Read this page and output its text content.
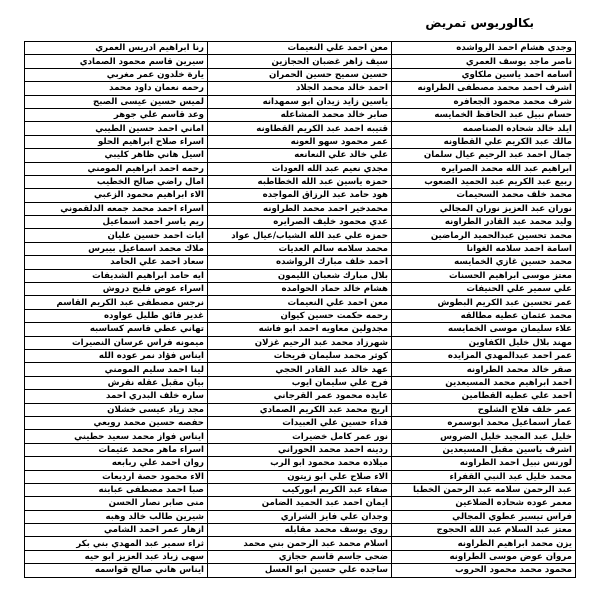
بكالوريوس تمريض
وجدي هشام احمد الرواشده	معن احمد علي النعيمات	رنا ابراهيم ادريس العمري
ناصر ماجد يوسف العمري	سيف زاهر غضبان الحجازين	سيرين قاسم محمود الصمادي
اسامه احمد ياسين ملكاوي	حسين سميح حسين الحمران	يارة خلدون عمر مغربي
اشرف احمد محمد مصطفى الطراونه	احمد خالد محمد الجلاد	رحمه نعمان داود محمد
شرف محمد محمود الجعافره	ياسين زايد زيدان ابو سمهدانه	لميس حسين عيسى الصبح
حسام نبيل عبد الحافظ الخمايسه	صابر خالد محمد المشاعله	وعد قاسم علي جوهر
ايلد خالد شحاده الصناصمه	قتيبه احمد عبد الكريم القطاونه	اماني احمد حسين الطيبي
مالك عبد الكريم علي القطاونه	عمر محمود سهو العونه	اسراء صلاح ابراهيم الحلو
جمال احمد عبد الرحيم عيال سلمان	علي خالد علي النعانعه	اسيل هاني ظاهر كليبي
ابراهيم عبد الله محمد الصرايره	مجدي نعيم عبد الله العودات	رحمه احمد ابراهيم المومني
ربيع عبد الكريم عبد الحميد الصعوب	حمزه ياسين عبد الله الخطاطبه	امال راضي صالح الخطيب
محمد خلف محمد السحيمات	هود حامد عبد الرزاق المواجده	الاء ابراهيم محمود الزعبي
نوران عبد العزيز نوران المجالي	محمدخير احمد محمد الطراونه	اسراء احمد محمد جمعه الدلقموني
وليد محمد عبد القادر الطراونه	عدي محمود خليف الصرايره	ريم ياسر احمد اسماعيل
محمد تحسين عبدالحميد الرماضين	حمزه علي عبد الله الشياب/عيال عواد	ايات احمد حسين عليان
اسامة احمد سلامه الغوانا	محمد سلامه سالم العديات	ملاك محمد اسماعيل بيبرس
محمد حسين غازي الخمايسه	احمد خلف مبارك الرواشده	سعاد احمد علي الحامد
معتز موسى ابراهيم الحسنات	بلال مبارك شعبان الليمون	ايه حامد ابراهيم الشديفات
علي سمير علي الحنيفات	هشام خالد حماد الحوامده	اسراء عوض فليح دروش
عمر تحسين عبد الكريم البطوش	معن احمد علي النعيمات	نرجس مصطفى عبد الكريم القاسم
محمد عثمان عطيه مطالقه	رحمه حكمت حسين كيوان	غدير فائق طليل عواوده
علاء سليمان موسى الخمايسه	مجدولين معاويه احمد ابو فاشه	تهاني عطي قاسم كساسبه
مهند بلال خليل الكفاوين	شهرزاد محمد عبد الرحيم غزلان	ميمونه فراس عرسان النصيرات
عمر احمد عبدالمهدي المزايده	كوثر محمد سليمان فريحات	ايناس فؤاد نمر عوده الله
صقر خالد محمد الطراونه	عهد خالد عبد القادر الحجي	لينا احمد سليم المومني
احمد ابراهيم محمد المسيعدين	فرح علي سليمان ايوب	بيان مقبل عقله نقرش
احمد علي عطيه القطامين	عايده محمود عمر القرجاني	ساره خلف البدري احمد
عمر خلف فلاح الشلوح	اريج محمد عبد الكريم الصمادي	مجد زياد عيسى خشلان
عمار اسماعيل محمد ابوسمره	فداء حسين علي العبيدات	حفصه حسين محمد رويعي
خليل عبد المجيد خليل الضروس	نور عمر كامل خضيرات	ايناس فواز محمد سعيد حطيني
اشرف ياسين مقبل المسيعدين	ردينه احمد محمد الحوراني	اسراء ماهر محمد عثيمات
لورنس نبيل احمد الطراونه	ميلاده محمد محمود ابو الرب	روان احمد علي ربابعه
محمد خليل عبد النبي القفراء	الاء صلاح علي ابو زيتون	الاء محمود حصة ارديعات
عبد الرحمن سلامه عبد الرحمن الخطبا	صفاء عبد الكريم ابوركيب	صبا احمد مصطفى عبابنه
معمر عوده شحاده الضلاعين	ايمان احمد عبد الحميد الضامن	منى صابر نصار الحسن
فراس تيسير عطوي المجالي	وجدان علي فايز الشراري	شيرين طالب خالد وهبه
معتز عبد السلام عبد الله الحجوج	روى يوسف محمد مقابله	ازهار عمر احمد الشامي
يزن محمد ابراهيم الطراونه	اسلام محمد عبد الرحمن بني محمد	ثراء سمير عبد المهدي بني بكر
مروان عوض موسى الطراونه	ضحى جاسم قاسم حجازي	سهى زياد عبد العزيز ابو حيه
محمود محمد محمود الحروب	ساجده علي حسين ابو العسل	ايناس هاني صالح قواسمه
